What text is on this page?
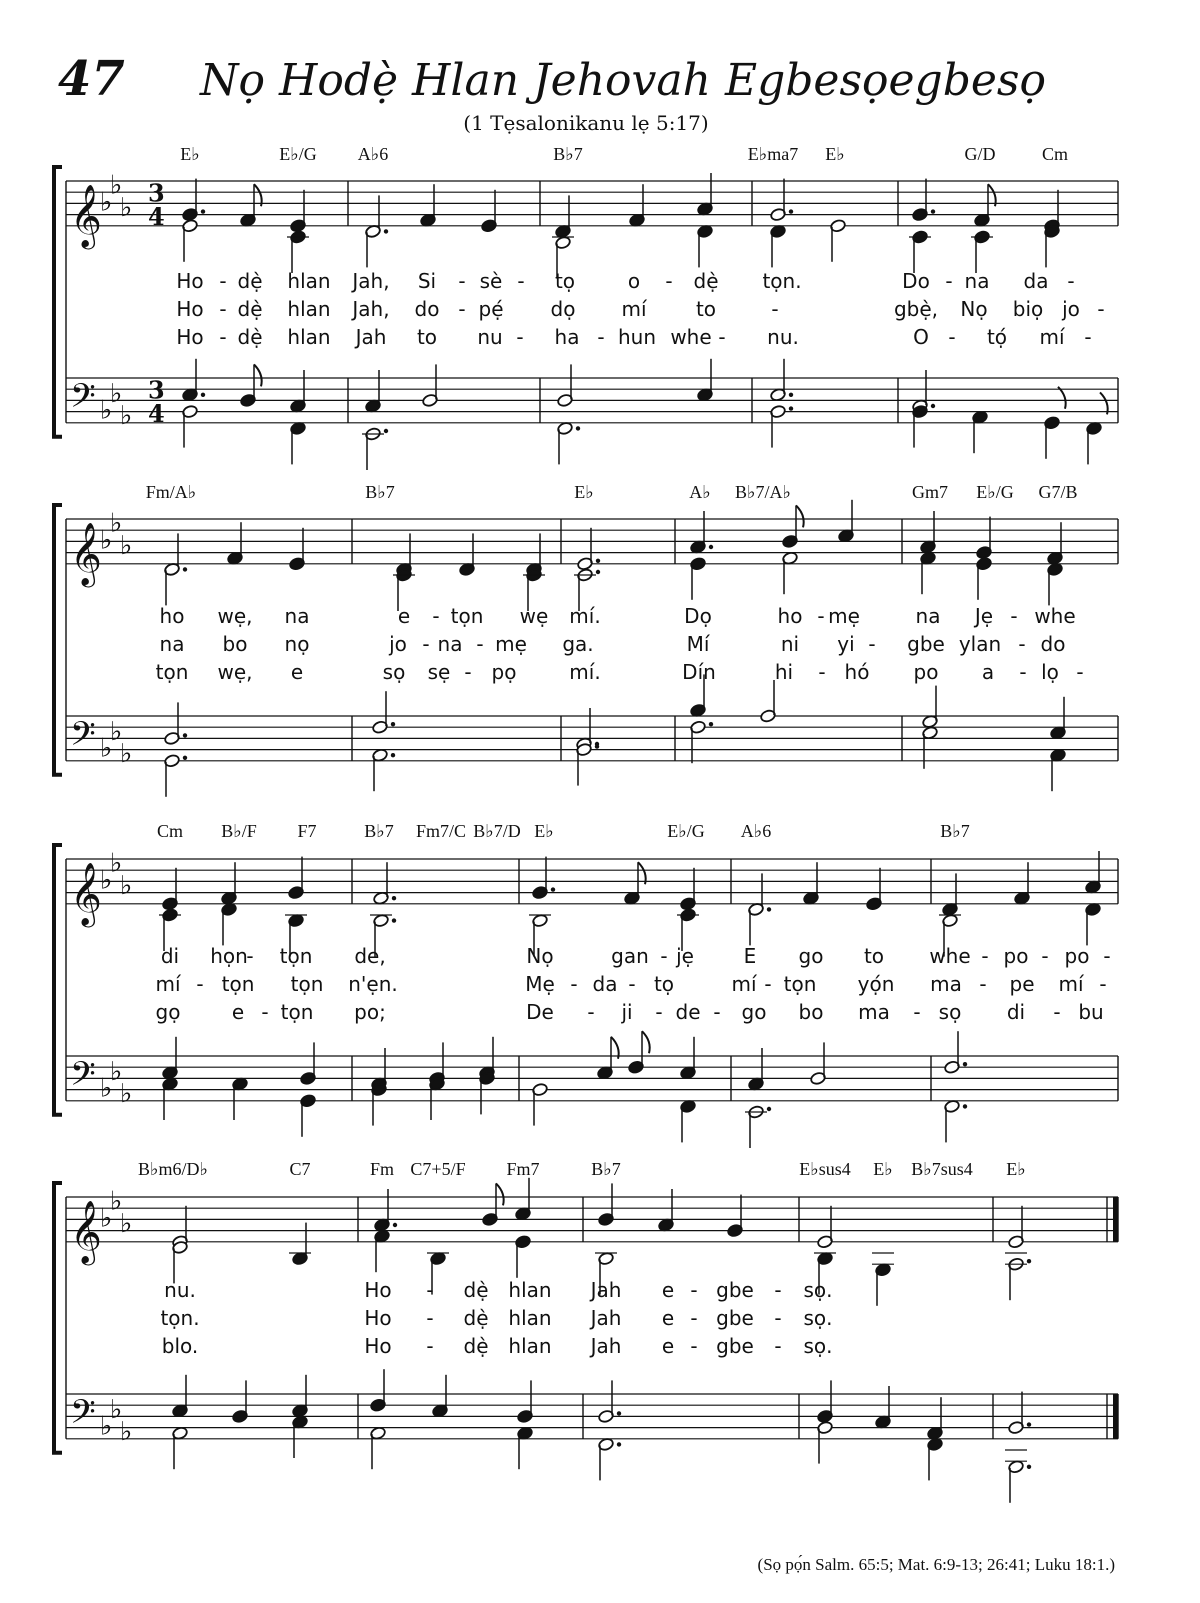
47 Nọ Hodẹ̀ Hlan Jehovah Egbesọegbesọ
(1 Tẹsalonikanu lẹ 5:17)
𝄞
𝄢
♭
♭
♭
♭
♭
♭
3
4
3
4
E♭	E♭/G A♭6	B♭7	E♭ma7 E♭	G/D	Cm
Ho - dẹ̀ hlan Jah, Si - sè - tọ	o - dẹ̀ tọn.	Do - na da -
Ho - dẹ̀ hlan Jah, do - pẹ́ dọ mí to	-	gbẹ̀, Nọ biọ jo -
Ho - dẹ̀ hlan Jah to nu - ha - hun whe - nu.	O - tọ́ mí -
𝄞
𝄢
♭
♭
♭
♭
♭
♭
Fm/A♭	B♭7	E♭	A♭ B♭7/A♭	Gm7 E♭/G G7/B
ho wẹ, na	e - tọn wẹ mí.	Dọ	ho - mẹ	na Jẹ - whe
na bo nọ	jo - na - mẹ ga.	Mí	ni yi - gbe ylan - do
tọn wẹ, e	sọ sẹ - pọ	mí.	Dín	hi - hó po a - lọ -
𝄞
𝄢
♭
♭
♭
♭
♭
♭
Cm B♭/F F7	B♭7 Fm7/C B♭7/D E♭	E♭/G A♭6	B♭7
di họn
- tọn de,	Nọ	gan - jẹ E go to whe - po - po -
mí - tọn tọn n'ẹn.	Mẹ - da - tọ	mí - tọn yọ́n ma - pe mí -
gọ	e - tọn po;	De - ji - de - go bo ma - sọ di - bu
𝄞
𝄢
♭
♭
♭
♭
♭
♭
B♭m6/D♭	C7	Fm C7+5/F Fm7	B♭7	E♭sus4 E♭ B♭7sus4 E♭
nu.	Ho - dẹ̀ hlan Jah e - gbe - sọ.
tọn.	Ho - dẹ̀ hlan Jah e - gbe - sọ.
blo.	Ho - dẹ̀ hlan Jah e - gbe - sọ.
(Sọ pọ́n Salm. 65:5; Mat. 6:9-13; 26:41; Luku 18:1.)
